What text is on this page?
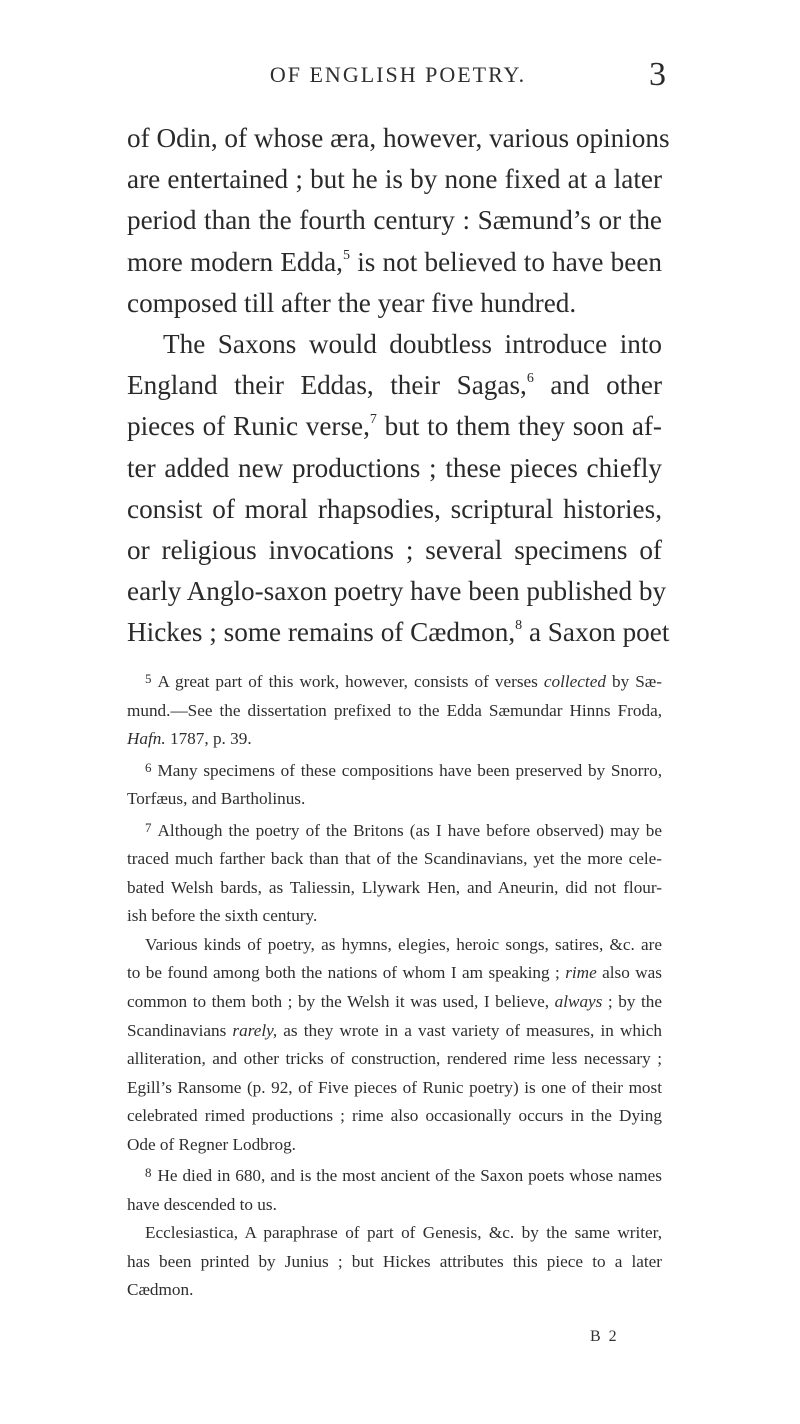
OF ENGLISH POETRY.	3
of Odin, of whose æra, however, various opinions
are entertained ; but he is by none fixed at a later
period than the fourth century : Sæmund’s or the
more modern Edda,$^5$ is not believed to have been
composed till after the year five hundred.
The Saxons would doubtless introduce into
England their Eddas, their Sagas,$^6$ and other
pieces of Runic verse,$^7$ but to them they soon af-
ter added new productions ; these pieces chiefly
consist of moral rhapsodies, scriptural histories,
or religious invocations ; several specimens of
early Anglo-saxon poetry have been published by
Hickes ; some remains of Cædmon,$^8$ a Saxon poet
$^5$ A great part of this work, however, consists of verses collected by Sæ-
mund.—See the dissertation prefixed to the Edda Sæmundar Hinns Froda,
Hafn. 1787, p. 39.
$^6$ Many specimens of these compositions have been preserved by Snorro,
Torfæus, and Bartholinus.
$^7$ Although the poetry of the Britons (as I have before observed) may be
traced much farther back than that of the Scandinavians, yet the more cele-
bated Welsh bards, as Taliessin, Llywark Hen, and Aneurin, did not flour-
ish before the sixth century.
Various kinds of poetry, as hymns, elegies, heroic songs, satires, &c. are
to be found among both the nations of whom I am speaking ; rime also was
common to them both ; by the Welsh it was used, I believe, always ; by the
Scandinavians rarely, as they wrote in a vast variety of measures, in which
alliteration, and other tricks of construction, rendered rime less necessary ;
Egill’s Ransome (p. 92, of Five pieces of Runic poetry) is one of their most
celebrated rimed productions ; rime also occasionally occurs in the Dying
Ode of Regner Lodbrog.
$^8$ He died in 680, and is the most ancient of the Saxon poets whose names
have descended to us.
Ecclesiastica, A paraphrase of part of Genesis, &c. by the same writer,
has been printed by Junius ; but Hickes attributes this piece to a later
Cædmon.
B 2
